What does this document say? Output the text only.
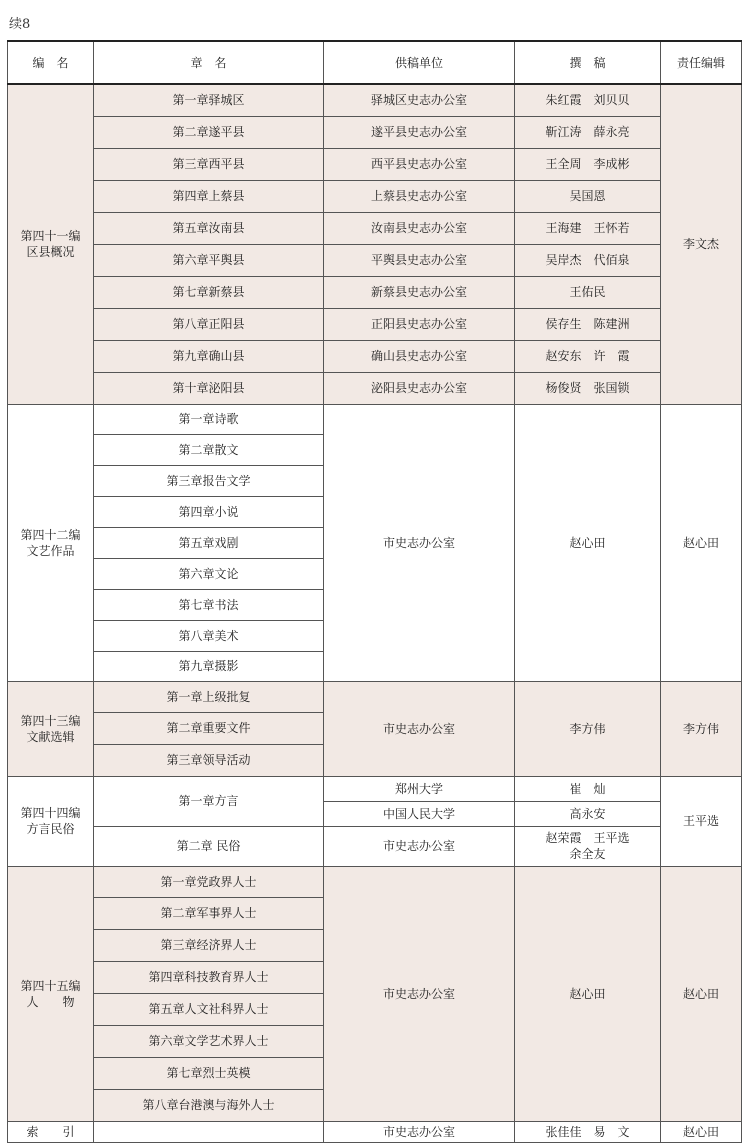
续8
编　名	章　名	供稿单位	撰　稿	责任编辑

第四十一编
区县概况	第一章驿城区	驿城区史志办公室	朱红霞　刘贝贝	李文杰
	第二章遂平县	遂平县史志办公室	靳江涛　薛永亮	
	第三章西平县	西平县史志办公室	王全周　李成彬	
	第四章上蔡县	上蔡县史志办公室	吴国恩	
	第五章汝南县	汝南县史志办公室	王海建　王怀若	
	第六章平舆县	平舆县史志办公室	吴岸杰　代佰泉	
	第七章新蔡县	新蔡县史志办公室	王佑民	
	第八章正阳县	正阳县史志办公室	侯存生　陈建洲	
	第九章确山县	确山县史志办公室	赵安东　许　霞	
	第十章泌阳县	泌阳县史志办公室	杨俊贤　张国锁	

第四十二编
文艺作品	第一章诗歌	市史志办公室	赵心田	赵心田
	第二章散文			
	第三章报告文学			
	第四章小说			
	第五章戏剧			
	第六章文论			
	第七章书法			
	第八章美术			
	第九章摄影			

第四十三编
文献选辑	第一章上级批复	市史志办公室	李方伟	李方伟
	第二章重要文件			
	第三章领导活动			

第四十四编
方言民俗	第一章方言	郑州大学	崔　灿	王平选
		中国人民大学	高永安	
	第二章 民俗	市史志办公室	赵荣霞　王平选
余全友	

第四十五编
人　　物	第一章党政界人士	市史志办公室	赵心田	赵心田
	第二章军事界人士			
	第三章经济界人士			
	第四章科技教育界人士			
	第五章人文社科界人士			
	第六章文学艺术界人士			
	第七章烈士英模			
	第八章台港澳与海外人士			
索　　引		市史志办公室	张佳佳　易　文	赵心田
